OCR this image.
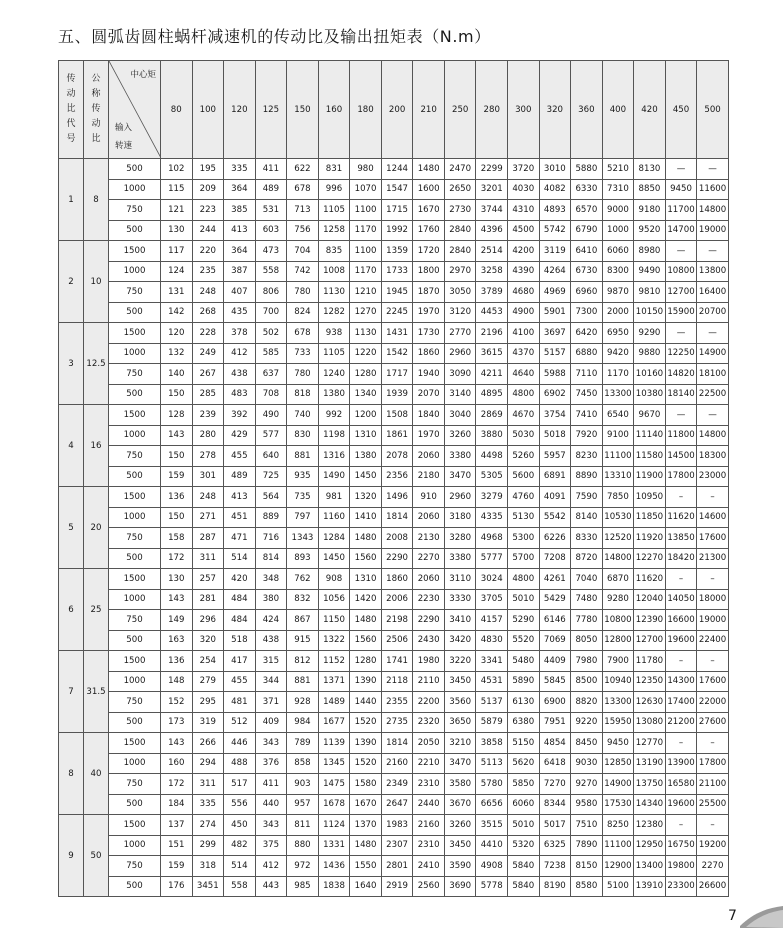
五、圆弧齿圆柱蜗杆减速机的传动比及输出扭矩表（N.m）
传动比代号	公称传动比	中心矩
输入
转速	80	100	120	125	150	160	180	200	210	250	280	300	320	360	400	420	450	500
1	8	500	102	195	335	411	622	831	980	1244	1480	2470	2299	3720	3010	5880	5210	8130	—	—
		1000	115	209	364	489	678	996	1070	1547	1600	2650	3201	4030	4082	6330	7310	8850	9450	11600
		750	121	223	385	531	713	1105	1100	1715	1670	2730	3744	4310	4893	6570	9000	9180	11700	14800
		500	130	244	413	603	756	1258	1170	1992	1760	2840	4396	4500	5742	6790	1000	9520	14700	19000
2	10	1500	117	220	364	473	704	835	1100	1359	1720	2840	2514	4200	3119	6410	6060	8980	—	—
		1000	124	235	387	558	742	1008	1170	1733	1800	2970	3258	4390	4264	6730	8300	9490	10800	13800
		750	131	248	407	806	780	1130	1210	1945	1870	3050	3789	4680	4969	6960	9870	9810	12700	16400
		500	142	268	435	700	824	1282	1270	2245	1970	3120	4453	4900	5901	7300	2000	10150	15900	20700
3	12.5	1500	120	228	378	502	678	938	1130	1431	1730	2770	2196	4100	3697	6420	6950	9290	—	—
		1000	132	249	412	585	733	1105	1220	1542	1860	2960	3615	4370	5157	6880	9420	9880	12250	14900
		750	140	267	438	637	780	1240	1280	1717	1940	3090	4211	4640	5988	7110	1170	10160	14820	18100
		500	150	285	483	708	818	1380	1340	1939	2070	3140	4895	4800	6902	7450	13300	10380	18140	22500
4	16	1500	128	239	392	490	740	992	1200	1508	1840	3040	2869	4670	3754	7410	6540	9670	—	—
		1000	143	280	429	577	830	1198	1310	1861	1970	3260	3880	5030	5018	7920	9100	11140	11800	14800
		750	150	278	455	640	881	1316	1380	2078	2060	3380	4498	5260	5957	8230	11100	11580	14500	18300
		500	159	301	489	725	935	1490	1450	2356	2180	3470	5305	5600	6891	8890	13310	11900	17800	23000
5	20	1500	136	248	413	564	735	981	1320	1496	910	2960	3279	4760	4091	7590	7850	10950	–	–
		1000	150	271	451	889	797	1160	1410	1814	2060	3180	4335	5130	5542	8140	10530	11850	11620	14600
		750	158	287	471	716	1343	1284	1480	2008	2130	3280	4968	5300	6226	8330	12520	11920	13850	17600
		500	172	311	514	814	893	1450	1560	2290	2270	3380	5777	5700	7208	8720	14800	12270	18420	21300
6	25	1500	130	257	420	348	762	908	1310	1860	2060	3110	3024	4800	4261	7040	6870	11620	–	–
		1000	143	281	484	380	832	1056	1420	2006	2230	3330	3705	5010	5429	7480	9280	12040	14050	18000
		750	149	296	484	424	867	1150	1480	2198	2290	3410	4157	5290	6146	7780	10800	12390	16600	19000
		500	163	320	518	438	915	1322	1560	2506	2430	3420	4830	5520	7069	8050	12800	12700	19600	22400
7	31.5	1500	136	254	417	315	812	1152	1280	1741	1980	3220	3341	5480	4409	7980	7900	11780	–	–
		1000	148	279	455	344	881	1371	1390	2118	2110	3450	4531	5890	5845	8500	10940	12350	14300	17600
		750	152	295	481	371	928	1489	1440	2355	2200	3560	5137	6130	6900	8820	13300	12630	17400	22000
		500	173	319	512	409	984	1677	1520	2735	2320	3650	5879	6380	7951	9220	15950	13080	21200	27600
8	40	1500	143	266	446	343	789	1139	1390	1814	2050	3210	3858	5150	4854	8450	9450	12770	–	–
		1000	160	294	488	376	858	1345	1520	2160	2210	3470	5113	5620	6418	9030	12850	13190	13900	17800
		750	172	311	517	411	903	1475	1580	2349	2310	3580	5780	5850	7270	9270	14900	13750	16580	21100
		500	184	335	556	440	957	1678	1670	2647	2440	3670	6656	6060	8344	9580	17530	14340	19600	25500
9	50	1500	137	274	450	343	811	1124	1370	1983	2160	3260	3515	5010	5017	7510	8250	12380	–	–
		1000	151	299	482	375	880	1331	1480	2307	2310	3450	4410	5320	6325	7890	11100	12950	16750	19200
		750	159	318	514	412	972	1436	1550	2801	2410	3590	4908	5840	7238	8150	12900	13400	19800	2270
		500	176	3451	558	443	985	1838	1640	2919	2560	3690	5778	5840	8190	8580	5100	13910	23300	26600
7
